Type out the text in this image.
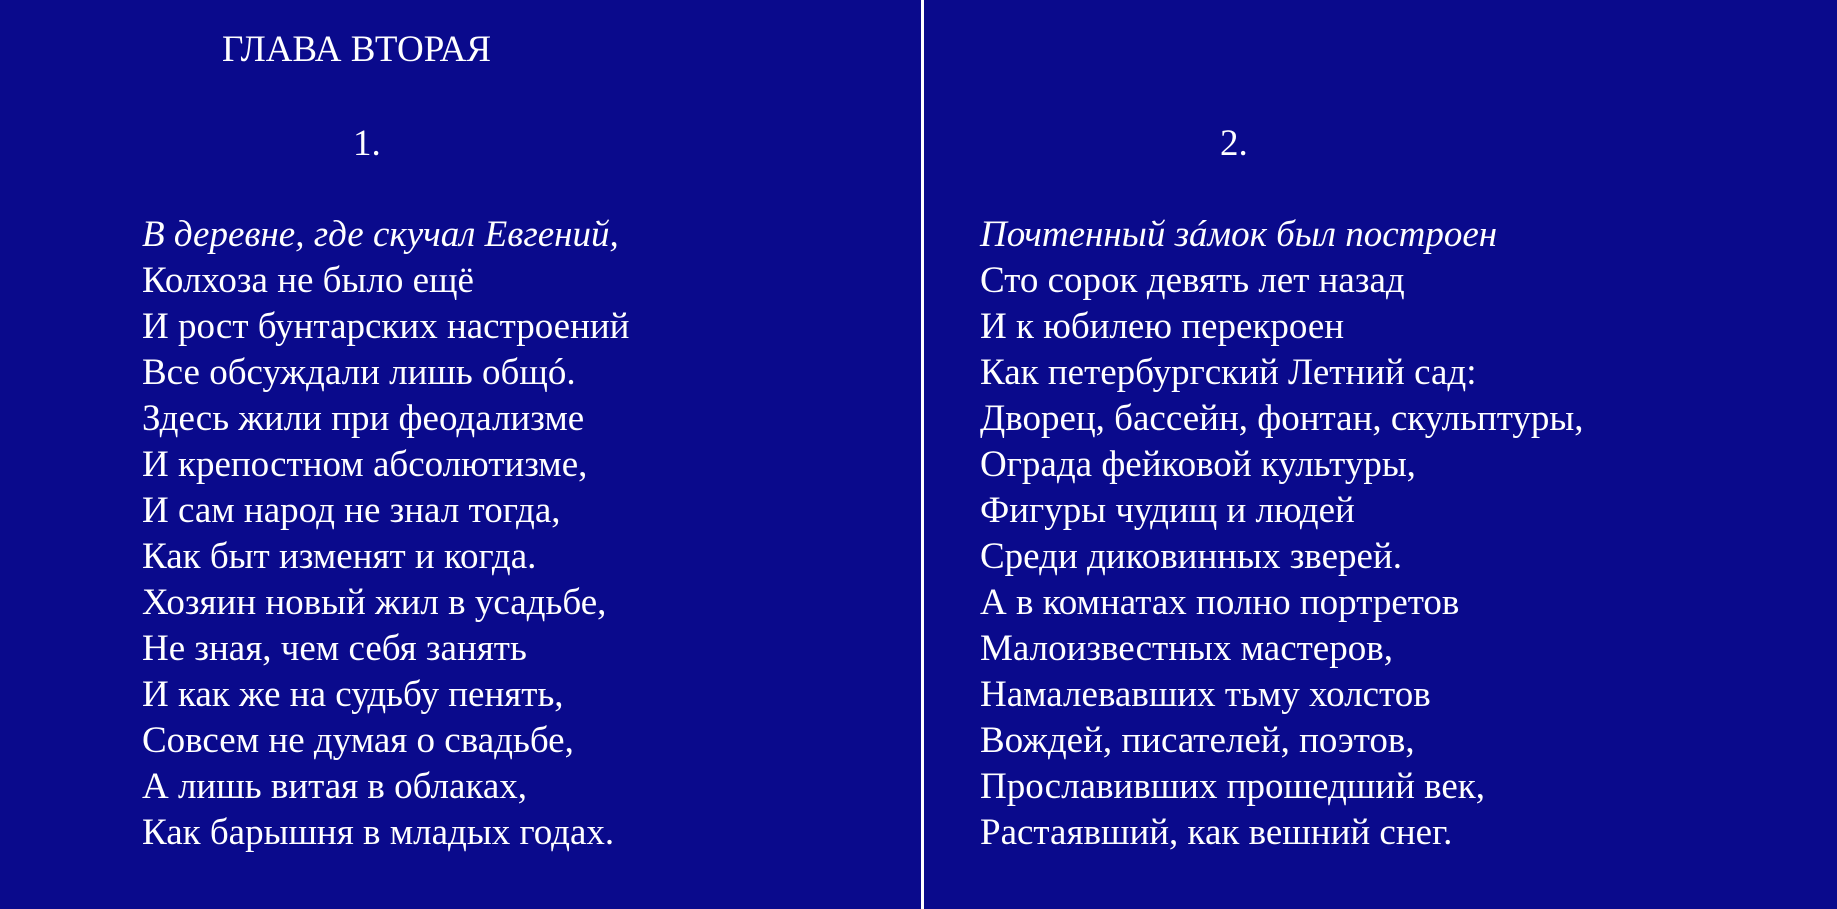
ГЛАВА ВТОРАЯ
1.
В деревне, где скучал Евгений,
Колхоза не было ещё
И рост бунтарских настроений
Все обсуждали лишь общó.
Здесь жили при феодализме
И крепостном абсолютизме,
И сам народ не знал тогда,
Как быт изменят и когда.
Хозяин новый жил в усадьбе,
Не зная, чем себя занять
И как же на судьбу пенять,
Совсем не думая о свадьбе,
А лишь витая в облаках,
Как барышня в младых годах.
2.
Почтенный зáмок был построен
Сто сорок девять лет назад
И к юбилею перекроен
Как петербургский Летний сад:
Дворец, бассейн, фонтан, скульптуры,
Ограда фейковой культуры,
Фигуры чудищ и людей
Среди диковинных зверей.
А в комнатах полно портретов
Малоизвестных мастеров,
Намалевавших тьму холстов
Вождей, писателей, поэтов,
Прославивших прошедший век,
Растаявший, как вешний снег.
